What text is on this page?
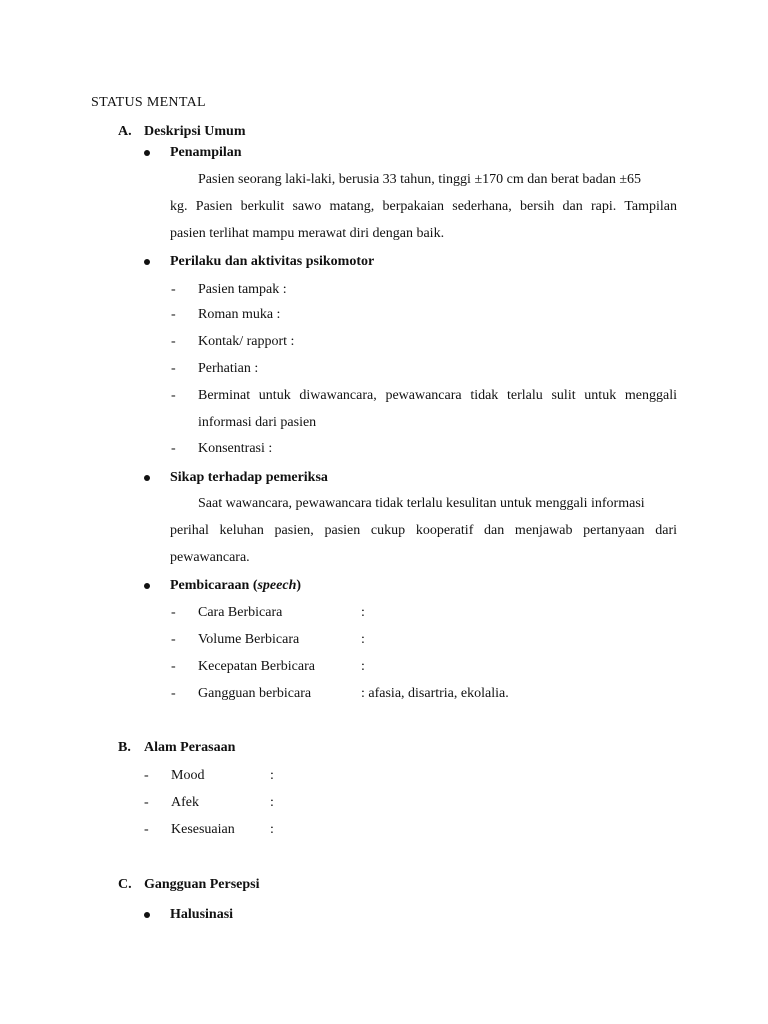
STATUS MENTAL
A. Deskripsi Umum
Penampilan
Pasien seorang laki-laki, berusia 33 tahun, tinggi ±170 cm dan berat badan ±65
kg. Pasien berkulit sawo matang, berpakaian sederhana, bersih dan rapi. Tampilan
pasien terlihat mampu merawat diri dengan baik.
Perilaku dan aktivitas psikomotor
- Pasien tampak :
- Roman muka :
- Kontak/ rapport :
- Perhatian :
- Berminat untuk diwawancara, pewawancara tidak terlalu sulit untuk menggali
informasi dari pasien
- Konsentrasi :
Sikap terhadap pemeriksa
Saat wawancara, pewawancara tidak terlalu kesulitan untuk menggali informasi
perihal keluhan pasien, pasien cukup kooperatif dan menjawab pertanyaan dari
pewawancara.
Pembicaraan (speech)
- Cara Berbicara	:
- Volume Berbicara	:
- Kecepatan Berbicara	:
- Gangguan berbicara	: afasia, disartria, ekolalia.
B. Alam Perasaan
- Mood	:
- Afek	:
- Kesesuaian	:
C. Gangguan Persepsi
Halusinasi
